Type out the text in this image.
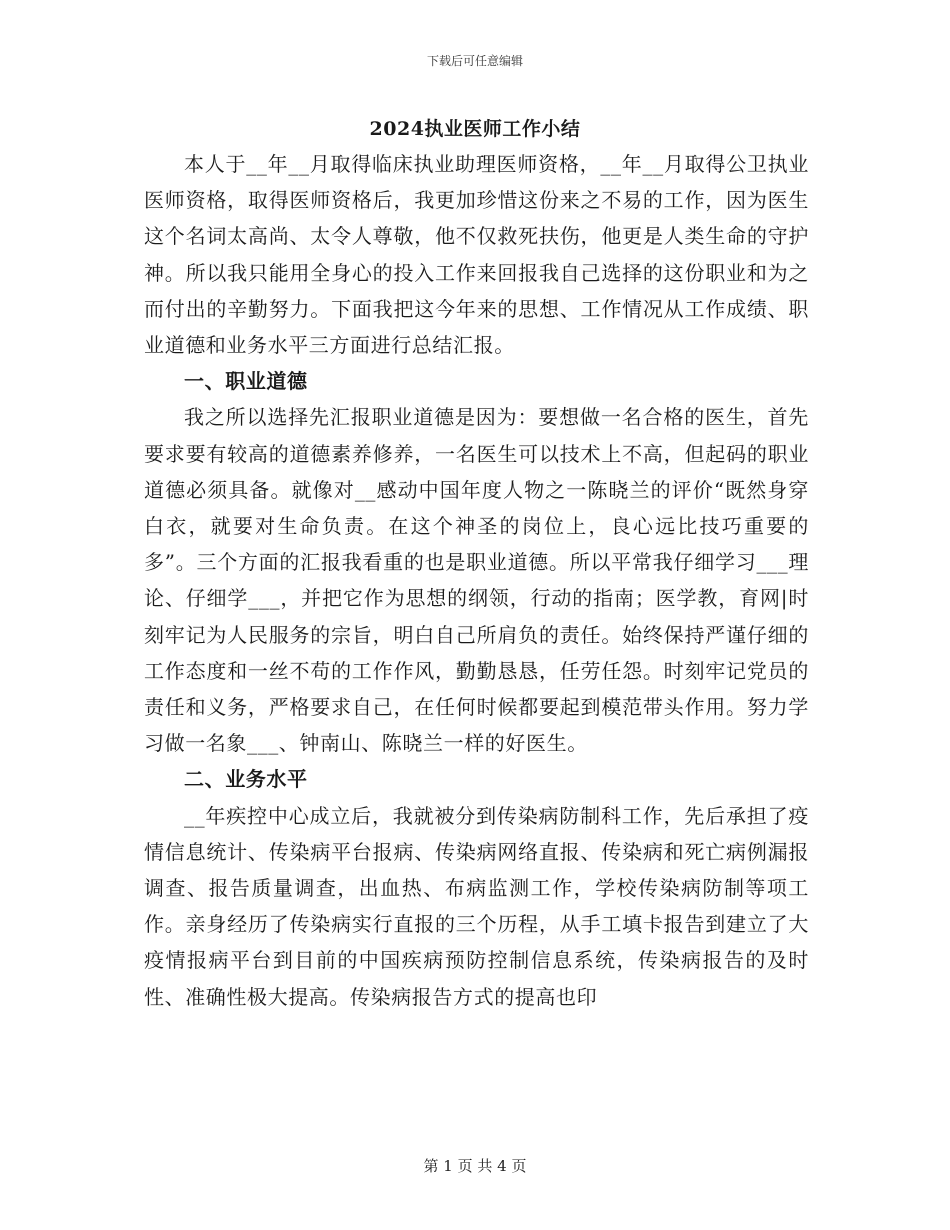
下载后可任意编辑
2024执业医师工作小结

本人于__年__月取得临床执业助理医师资格，__年__月取得公卫执业医师资格，取得医师资格后，我更加珍惜这份来之不易的工作，因为医生这个名词太高尚、太令人尊敬，他不仅救死扶伤，他更是人类生命的守护神。所以我只能用全身心的投入工作来回报我自己选择的这份职业和为之而付出的辛勤努力。下面我把这今年来的思想、工作情况从工作成绩、职业道德和业务水平三方面进行总结汇报。

一、职业道德

我之所以选择先汇报职业道德是因为：要想做一名合格的医生，首先要求要有较高的道德素养修养，一名医生可以技术上不高，但起码的职业道德必须具备。就像对__感动中国年度人物之一陈晓兰的评价“既然身穿白衣，就要对生命负责。在这个神圣的岗位上，良心远比技巧重要的多”。三个方面的汇报我看重的也是职业道德。所以平常我仔细学习___理论、仔细学___，并把它作为思想的纲领，行动的指南；医学教，育网|时刻牢记为人民服务的宗旨，明白自己所肩负的责任。始终保持严谨仔细的工作态度和一丝不苟的工作作风，勤勤恳恳，任劳任怨。时刻牢记党员的责任和义务，严格要求自己，在任何时候都要起到模范带头作用。努力学习做一名象___、钟南山、陈晓兰一样的好医生。

二、业务水平

__年疾控中心成立后，我就被分到传染病防制科工作，先后承担了疫情信息统计、传染病平台报病、传染病网络直报、传染病和死亡病例漏报调查、报告质量调查，出血热、布病监测工作，学校传染病防制等项工作。亲身经历了传染病实行直报的三个历程，从手工填卡报告到建立了大疫情报病平台到目前的中国疾病预防控制信息系统，传染病报告的及时性、准确性极大提高。传染病报告方式的提高也印

第 1 页 共 4 页
